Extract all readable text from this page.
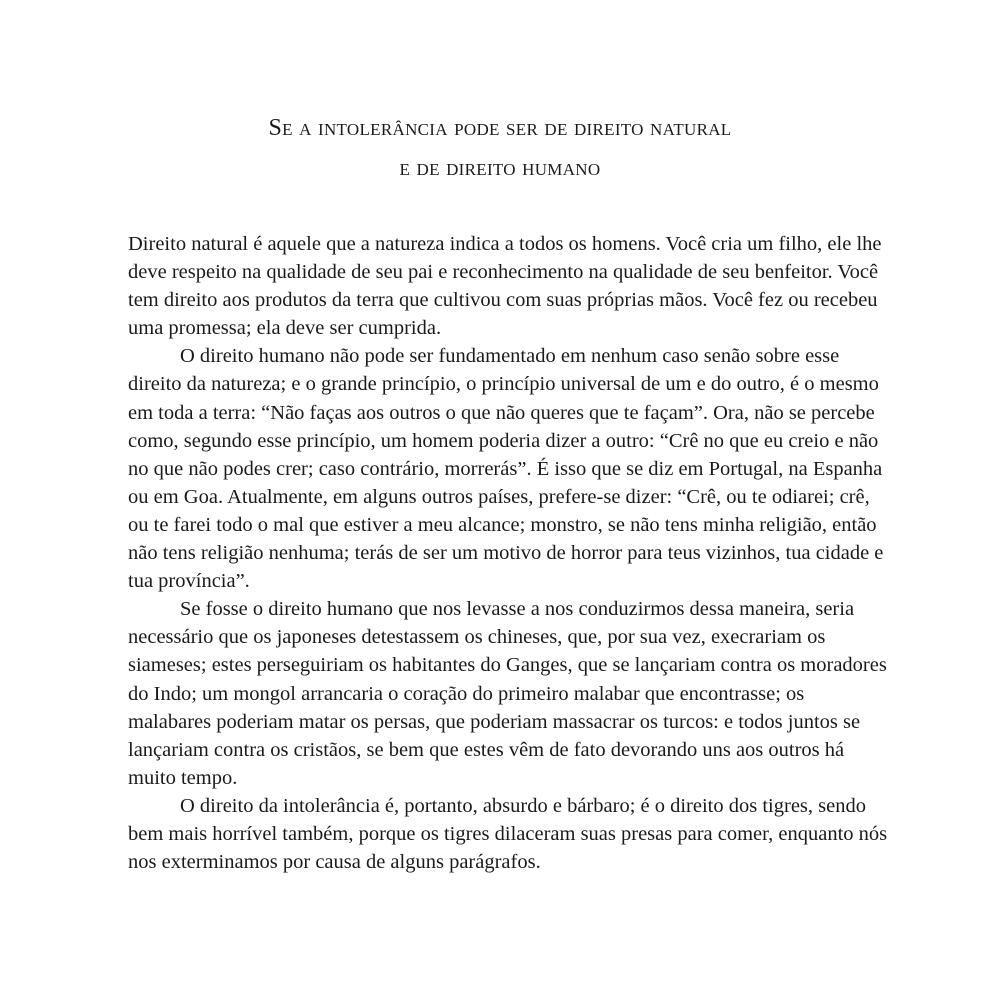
Se a intolerância pode ser de direito natural
e de direito humano

Direito natural é aquele que a natureza indica a todos os homens. Você cria um filho, ele lhe deve respeito na qualidade de seu pai e reconhecimento na qualidade de seu benfeitor. Você tem direito aos produtos da terra que cultivou com suas próprias mãos. Você fez ou recebeu uma promessa; ela deve ser cumprida.

O direito humano não pode ser fundamentado em nenhum caso senão sobre esse direito da natureza; e o grande princípio, o princípio universal de um e do outro, é o mesmo em toda a terra: “Não faças aos outros o que não queres que te façam”. Ora, não se percebe como, segundo esse princípio, um homem poderia dizer a outro: “Crê no que eu creio e não no que não podes crer; caso contrário, morrerás”. É isso que se diz em Portugal, na Espanha ou em Goa. Atualmente, em alguns outros países, prefere-se dizer: “Crê, ou te odiarei; crê, ou te farei todo o mal que estiver a meu alcance; monstro, se não tens minha religião, então não tens religião nenhuma; terás de ser um motivo de horror para teus vizinhos, tua cidade e tua província”.

Se fosse o direito humano que nos levasse a nos conduzirmos dessa maneira, seria necessário que os japoneses detestassem os chineses, que, por sua vez, execrariam os siameses; estes perseguiriam os habitantes do Ganges, que se lançariam contra os moradores do Indo; um mongol arrancaria o coração do primeiro malabar que encontrasse; os malabares poderiam matar os persas, que poderiam massacrar os turcos: e todos juntos se lançariam contra os cristãos, se bem que estes vêm de fato devorando uns aos outros há muito tempo.

O direito da intolerância é, portanto, absurdo e bárbaro; é o direito dos tigres, sendo bem mais horrível também, porque os tigres dilaceram suas presas para comer, enquanto nós nos exterminamos por causa de alguns parágrafos.
